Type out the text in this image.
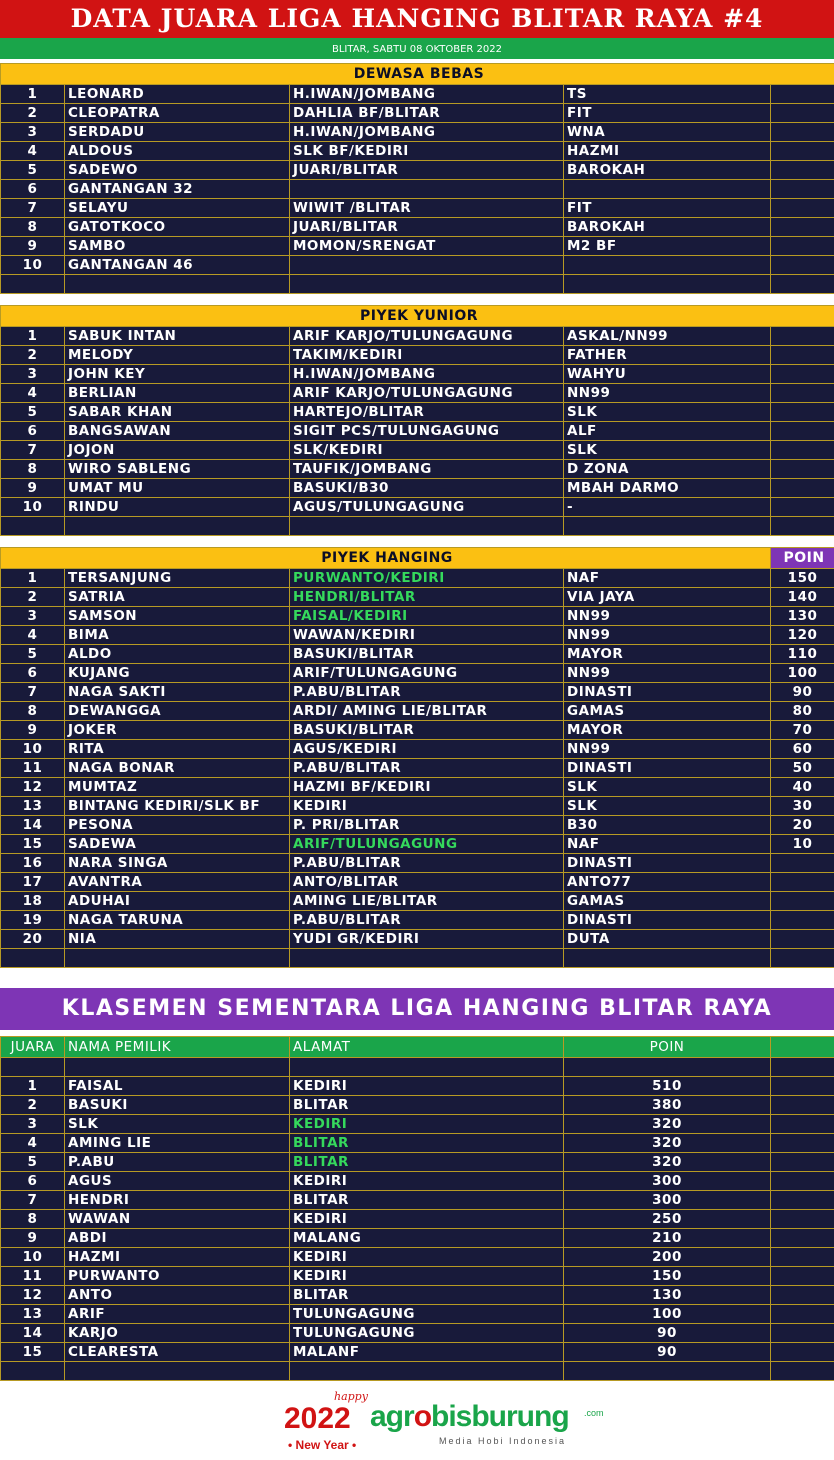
DATA JUARA LIGA HANGING BLITAR RAYA #4
BLITAR, SABTU 08 OKTOBER 2022
DEWASA BEBAS				
1	LEONARD	H.IWAN/JOMBANG	TS	
2	CLEOPATRA	DAHLIA BF/BLITAR	FIT	
3	SERDADU	H.IWAN/JOMBANG	WNA	
4	ALDOUS	SLK BF/KEDIRI	HAZMI	
5	SADEWO	JUARI/BLITAR	BAROKAH	
6	GANTANGAN 32			
7	SELAYU	WIWIT /BLITAR	FIT	
8	GATOTKOCO	JUARI/BLITAR	BAROKAH	
9	SAMBO	MOMON/SRENGAT	M2 BF	
10	GANTANGAN 46			

PIYEK YUNIOR				
1	SABUK INTAN	ARIF KARJO/TULUNGAGUNG	ASKAL/NN99	
2	MELODY	TAKIM/KEDIRI	FATHER	
3	JOHN KEY	H.IWAN/JOMBANG	WAHYU	
4	BERLIAN	ARIF KARJO/TULUNGAGUNG	NN99	
5	SABAR KHAN	HARTEJO/BLITAR	SLK	
6	BANGSAWAN	SIGIT PCS/TULUNGAGUNG	ALF	
7	JOJON	SLK/KEDIRI	SLK	
8	WIRO SABLENG	TAUFIK/JOMBANG	D ZONA	
9	UMAT MU	BASUKI/B30	MBAH DARMO	
10	RINDU	AGUS/TULUNGAGUNG	-	

PIYEK HANGING				POIN
1	TERSANJUNG	PURWANTO/KEDIRI	NAF	150
2	SATRIA	HENDRI/BLITAR	VIA JAYA	140
3	SAMSON	FAISAL/KEDIRI	NN99	130
4	BIMA	WAWAN/KEDIRI	NN99	120
5	ALDO	BASUKI/BLITAR	MAYOR	110
6	KUJANG	ARIF/TULUNGAGUNG	NN99	100
7	NAGA SAKTI	P.ABU/BLITAR	DINASTI	90
8	DEWANGGA	ARDI/ AMING LIE/BLITAR	GAMAS	80
9	JOKER	BASUKI/BLITAR	MAYOR	70
10	RITA	AGUS/KEDIRI	NN99	60
11	NAGA BONAR	P.ABU/BLITAR	DINASTI	50
12	MUMTAZ	HAZMI BF/KEDIRI	SLK	40
13	BINTANG KEDIRI/SLK BF	KEDIRI	SLK	30
14	PESONA	P. PRI/BLITAR	B30	20
15	SADEWA	ARIF/TULUNGAGUNG	NAF	10
16	NARA SINGA	P.ABU/BLITAR	DINASTI	
17	AVANTRA	ANTO/BLITAR	ANTO77	
18	ADUHAI	AMING LIE/BLITAR	GAMAS	
19	NAGA TARUNA	P.ABU/BLITAR	DINASTI	
20	NIA	YUDI GR/KEDIRI	DUTA	

KLASEMEN SEMENTARA LIGA HANGING BLITAR RAYA
JUARA	NAMA PEMILIK	ALAMAT	POIN	

1	FAISAL	KEDIRI	510	
2	BASUKI	BLITAR	380	
3	SLK	KEDIRI	320	
4	AMING LIE	BLITAR	320	
5	P.ABU	BLITAR	320	
6	AGUS	KEDIRI	300	
7	HENDRI	BLITAR	300	
8	WAWAN	KEDIRI	250	
9	ABDI	MALANG	210	
10	HAZMI	KEDIRI	200	
11	PURWANTO	KEDIRI	150	
12	ANTO	BLITAR	130	
13	ARIF	TULUNGAGUNG	100	
14	KARJO	TULUNGAGUNG	90	
15	CLEARESTA	MALANF	90	

happy
2022 agrobisburung .com
Media Hobi Indonesia
• New Year •
